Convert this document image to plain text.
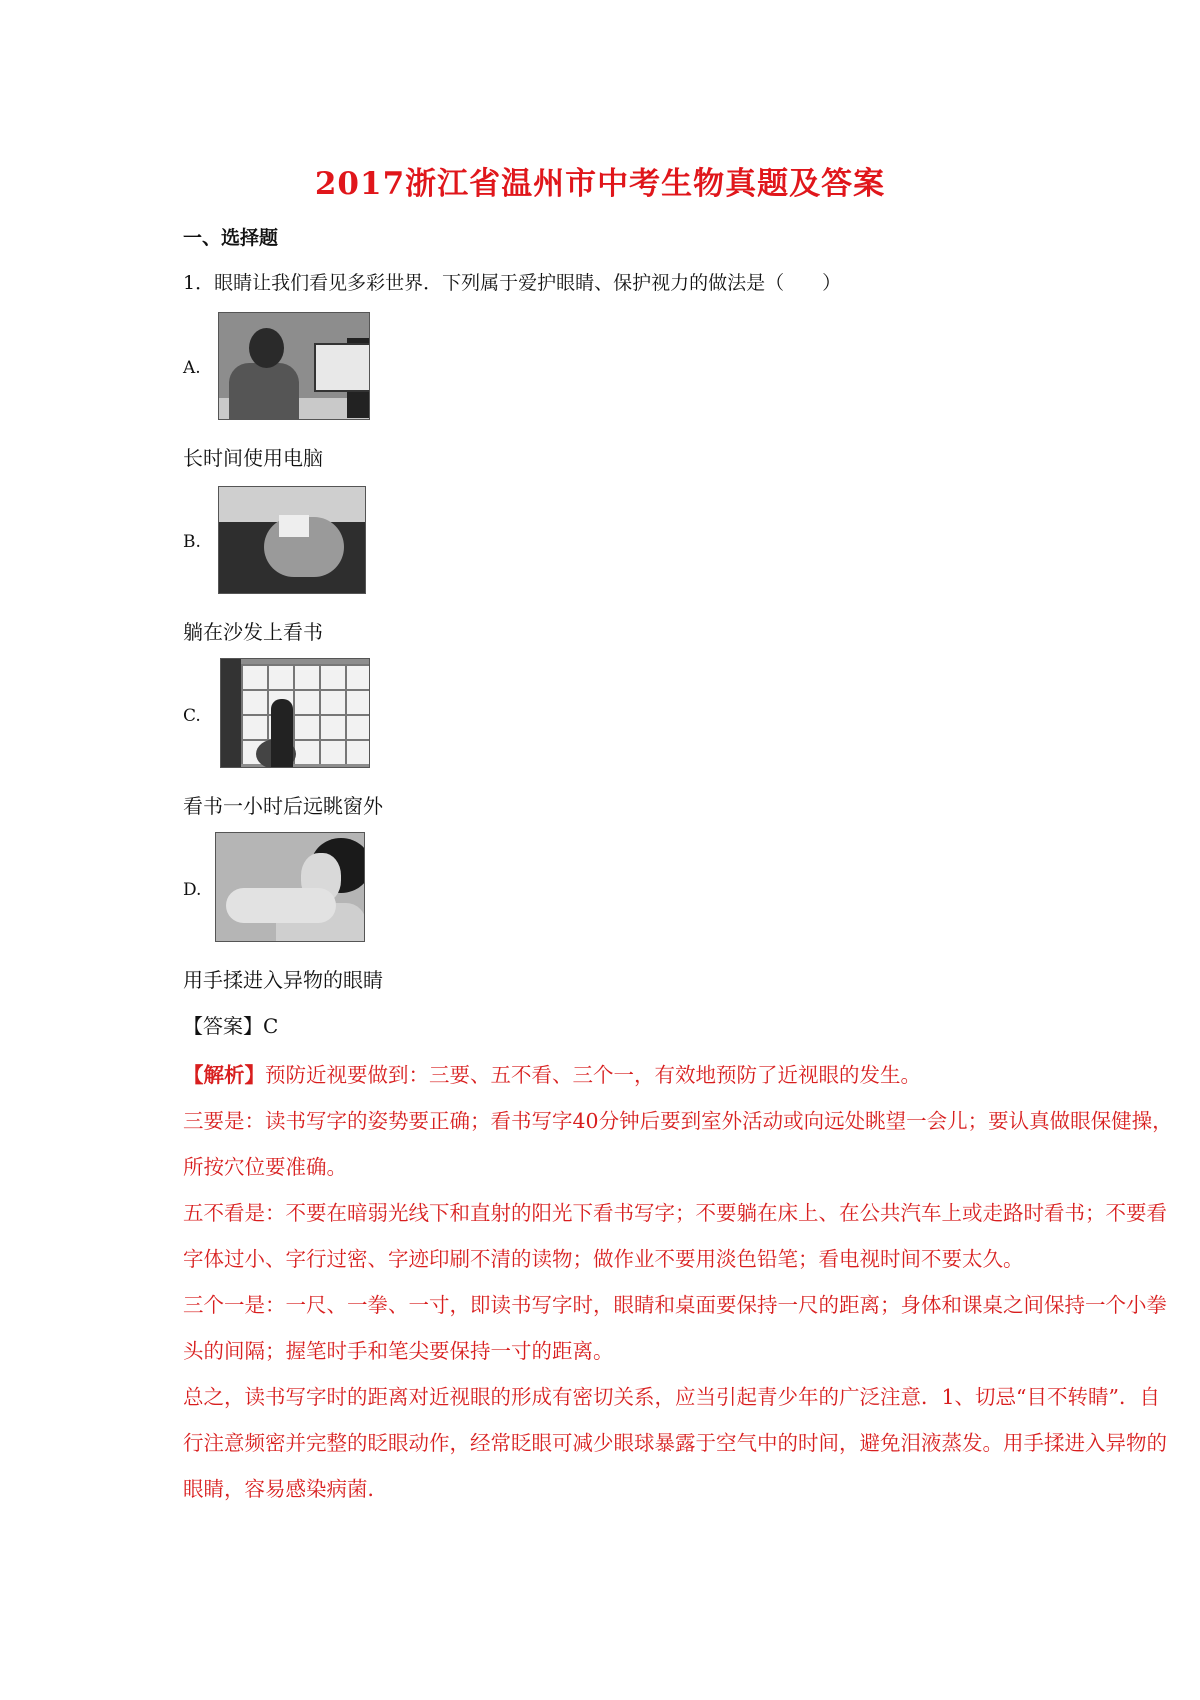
2017浙江省温州市中考生物真题及答案
一、选择题
1．眼睛让我们看见多彩世界．下列属于爱护眼睛、保护视力的做法是（　　）
A.
长时间使用电脑
B.
躺在沙发上看书
C.
看书一小时后远眺窗外
D.
用手揉进入异物的眼睛
【答案】C

【解析】预防近视要做到：三要、五不看、三个一，有效地预防了近视眼的发生。

三要是：读书写字的姿势要正确；看书写字40分钟后要到室外活动或向远处眺望一会儿；要认真做眼保健操，所按穴位要准确。

五不看是：不要在暗弱光线下和直射的阳光下看书写字；不要躺在床上、在公共汽车上或走路时看书；不要看字体过小、字行过密、字迹印刷不清的读物；做作业不要用淡色铅笔；看电视时间不要太久。

三个一是：一尺、一拳、一寸，即读书写字时，眼睛和桌面要保持一尺的距离；身体和课桌之间保持一个小拳头的间隔；握笔时手和笔尖要保持一寸的距离。

总之，读书写字时的距离对近视眼的形成有密切关系，应当引起青少年的广泛注意．1、切忌“目不转睛”．自行注意频密并完整的眨眼动作，经常眨眼可减少眼球暴露于空气中的时间，避免泪液蒸发。用手揉进入异物的眼睛，容易感染病菌．
